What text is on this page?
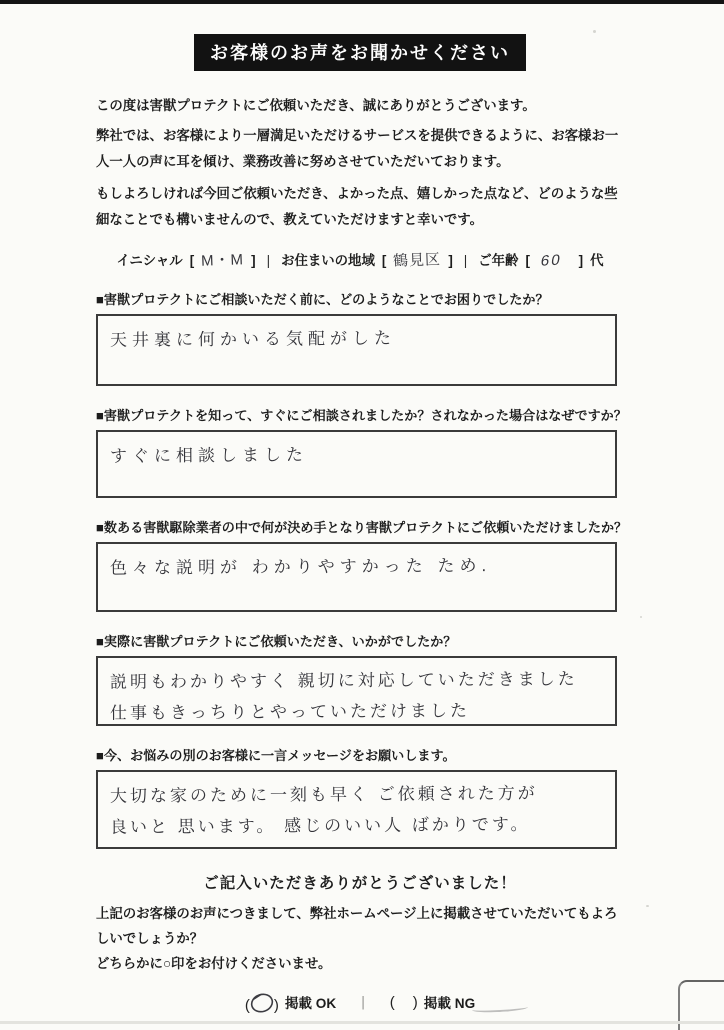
お客様のお声をお聞かせください

この度は害獣プロテクトにご依頼いただき、誠にありがとうございます。

弊社では、お客様により一層満足いただけるサービスを提供できるように、お客様お一人一人の声に耳を傾け、業務改善に努めさせていただいております。

もしよろしければ今回ご依頼いただき、よかった点、嬉しかった点など、どのような些細なことでも構いませんので、教えていただけますと幸いです。

イニシャル [ M・M ] | お住まいの地域 [ 鶴見区 ] | ご年齢 [ 60	] 代
■害獣プロテクトにご相談いただく前に、どのようなことでお困りでしたか？
天井裏に何かいる気配がした
■害獣プロテクトを知って、すぐにご相談されましたか？されなかった場合はなぜですか？
すぐに相談しました
■数ある害獣駆除業者の中で何が決め手となり害獣プロテクトにご依頼いただけましたか？
色々な説明が わかりやすかった ため.
■実際に害獣プロテクトにご依頼いただき、いかがでしたか？
説明もわかりやすく 親切に対応していただきました
仕事もきっちりとやっていただけました
■今、お悩みの別のお客様に一言メッセージをお願いします。
大切な家のために一刻も早く ご依頼された方が
良いと 思います。 感じのいい人 ばかりです。
ご記入いただきありがとうございました！

上記のお客様のお声につきまして、弊社ホームページ上に掲載させていただいてもよろしいでしょうか？
どちらかに○印をお付けくださいませ。

( ) 掲載 OK	｜	( ) 掲載 NG
